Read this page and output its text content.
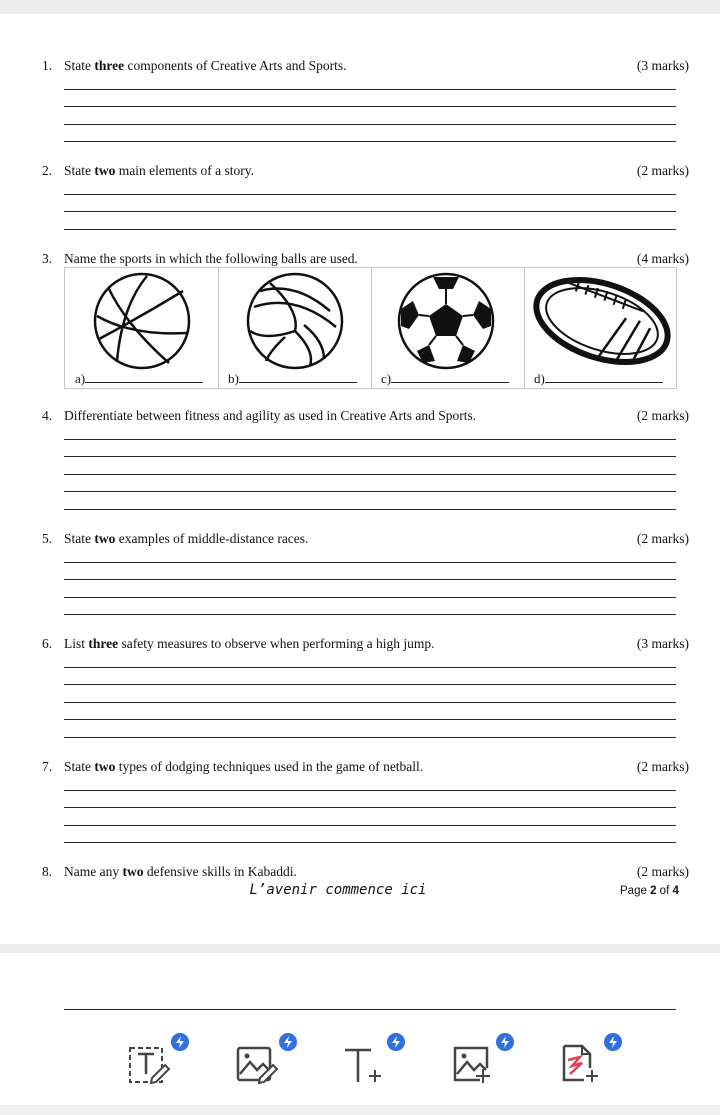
1. State three components of Creative Arts and Sports.	(3 marks)
2. State two main elements of a story.	(2 marks)
3. Name the sports in which the following balls are used.	(4 marks)
a)	b)	c)	d)
4. Differentiate between fitness and agility as used in Creative Arts and Sports.	(2 marks)
5. State two examples of middle-distance races.	(2 marks)
6. List three safety measures to observe when performing a high jump.	(3 marks)
7. State two types of dodging techniques used in the game of netball.	(2 marks)
8. Name any two defensive skills in Kabaddi.	(2 marks)
L’avenir commence ici	Page 2 of 4
